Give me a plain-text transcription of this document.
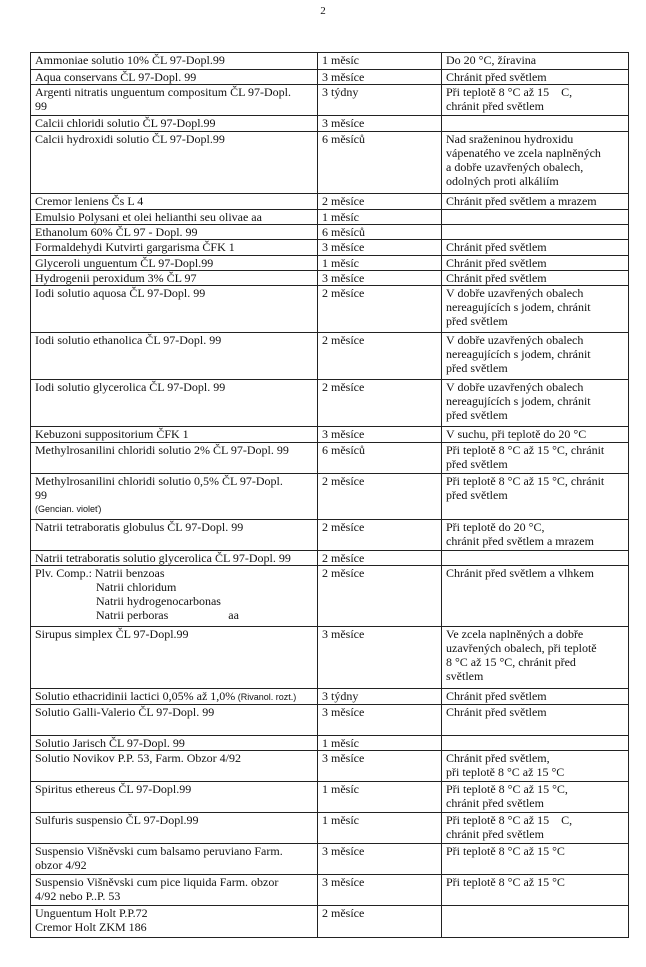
2
Ammoniae solutio 10% ČL 97-Dopl.99	1 měsíc	Do 20 °C, žíravina

Aqua conservans ČL 97-Dopl. 99	3 měsíce	Chránit před světlem

Argenti nitratis unguentum compositum ČL 97-Dopl.
99	3 týdny	Při teplotě 8 °C až 15    C,
chránit před světlem

Calcii chloridi solutio ČL 97-Dopl.99	3 měsíce	

Calcii hydroxidi solutio ČL 97-Dopl.99	6 měsíců	Nad sraženinou hydroxidu
vápenatého ve zcela naplněných
a dobře uzavřených obalech,
odolných proti alkáliím

Cremor leniens Čs L 4	2 měsíce	Chránit před světlem a mrazem

Emulsio Polysani et olei helianthi seu olivae aa	1 měsíc	

Ethanolum 60% ČL 97 - Dopl. 99	6 měsíců	

Formaldehydi Kutvirti gargarisma ČFK 1	3 měsíce	Chránit před světlem

Glyceroli unguentum ČL 97-Dopl.99	1 měsíc	Chránit před světlem

Hydrogenii peroxidum 3% ČL 97	3 měsíce	Chránit před světlem

Iodi solutio aquosa ČL 97-Dopl. 99	2 měsíce	V dobře uzavřených obalech
nereagujících s jodem, chránit
před světlem

Iodi solutio ethanolica ČL 97-Dopl. 99	2 měsíce	V dobře uzavřených obalech
nereagujících s jodem, chránit
před světlem

Iodi solutio glycerolica ČL 97-Dopl. 99	2 měsíce	V dobře uzavřených obalech
nereagujících s jodem, chránit
před světlem

Kebuzoni suppositorium ČFK 1	3 měsíce	V suchu, při teplotě do 20 °C

Methylrosanilini chloridi solutio 2% ČL 97-Dopl. 99	6 měsíců	Při teplotě 8 °C až 15 °C, chránit
před světlem

Methylrosanilini chloridi solutio 0,5% ČL 97-Dopl.
99
(Gencian. violeť)	2 měsíce	Při teplotě 8 °C až 15 °C, chránit
před světlem

Natrii tetraboratis globulus ČL 97-Dopl. 99	2 měsíce	Při teplotě do 20 °C,
chránit před světlem a mrazem

Natrii tetraboratis solutio glycerolica ČL 97-Dopl. 99	2 měsíce	

Plv. Comp.: Natrii benzoas
Natrii chloridum
Natrii hydrogenocarbonas
Natrii perboras                    aa	2 měsíce	Chránit před světlem a vlhkem

Sirupus simplex ČL 97-Dopl.99	3 měsíce	Ve zcela naplněných a dobře
uzavřených obalech, při teplotě
8 °C až 15 °C, chránit před
světlem

Solutio ethacridinii lactici 0,05% až 1,0% (Rivanol. rozt.)	3 týdny	Chránit před světlem

Solutio Galli-Valerio ČL 97-Dopl. 99	3 měsíce	Chránit před světlem

Solutio Jarisch ČL 97-Dopl. 99	1 měsíc	

Solutio Novikov P.P. 53, Farm. Obzor 4/92	3 měsíce	Chránit před světlem,
při teplotě 8 °C až 15 °C

Spiritus ethereus ČL 97-Dopl.99	1 měsíc	Při teplotě 8 °C až 15 °C,
chránit před světlem

Sulfuris suspensio ČL 97-Dopl.99	1 měsíc	Při teplotě 8 °C až 15    C,
chránit před světlem

Suspensio Višněvski cum balsamo peruviano Farm.
obzor 4/92	3 měsíce	Při teplotě 8 °C až 15 °C

Suspensio Višněvski cum pice liquida Farm. obzor
4/92 nebo P..P. 53	3 měsíce	Při teplotě 8 °C až 15 °C

Unguentum Holt P.P.72
Cremor Holt ZKM 186	2 měsíce	
